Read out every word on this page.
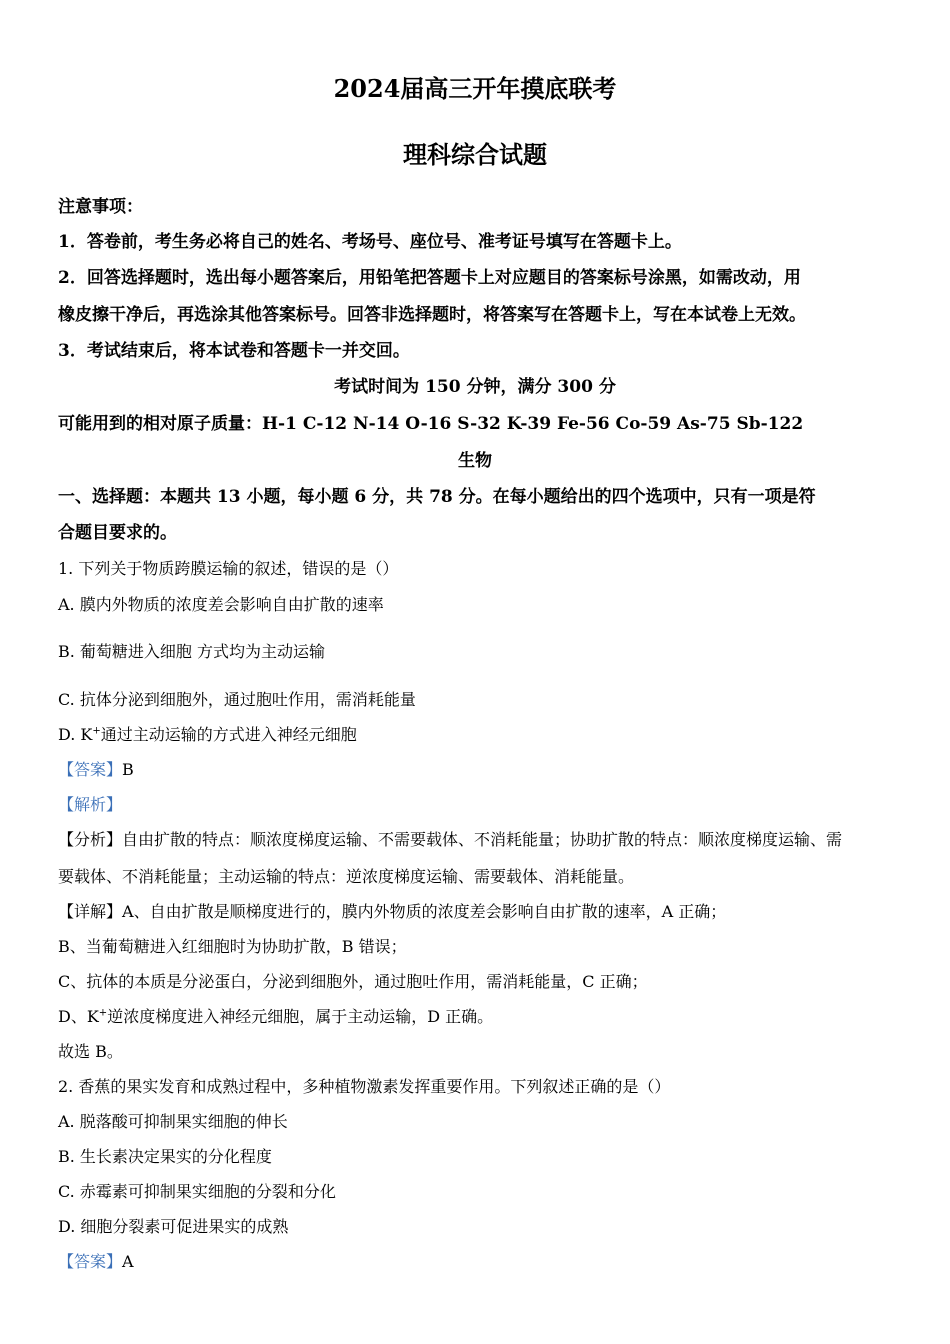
2024届高三开年摸底联考
理科综合试题
注意事项：
1．答卷前，考生务必将自己的姓名、考场号、座位号、准考证号填写在答题卡上。
2．回答选择题时，选出每小题答案后，用铅笔把答题卡上对应题目的答案标号涂黑，如需改动，用
橡皮擦干净后，再选涂其他答案标号。回答非选择题时，将答案写在答题卡上，写在本试卷上无效。
3．考试结束后，将本试卷和答题卡一并交回。
考试时间为 150 分钟，满分 300 分
可能用到的相对原子质量：H-1 C-12 N-14 O-16 S-32 K-39 Fe-56 Co-59 As-75 Sb-122
生物
一、选择题：本题共 13 小题，每小题 6 分，共 78 分。在每小题给出的四个选项中，只有一项是符
合题目要求的。
1. 下列关于物质跨膜运输的叙述，错误的是（）
A. 膜内外物质的浓度差会影响自由扩散的速率
B. 葡萄糖进入细胞 方式均为主动运输
C. 抗体分泌到细胞外，通过胞吐作用，需消耗能量
D. K+通过主动运输的方式进入神经元细胞
【答案】B
【解析】
【分析】自由扩散的特点：顺浓度梯度运输、不需要载体、不消耗能量；协助扩散的特点：顺浓度梯度运输、需
要载体、不消耗能量；主动运输的特点：逆浓度梯度运输、需要载体、消耗能量。
【详解】A、自由扩散是顺梯度进行的，膜内外物质的浓度差会影响自由扩散的速率，A 正确；
B、当葡萄糖进入红细胞时为协助扩散，B 错误；
C、抗体的本质是分泌蛋白，分泌到细胞外，通过胞吐作用，需消耗能量，C 正确；
D、K+逆浓度梯度进入神经元细胞，属于主动运输，D 正确。
故选 B。
2. 香蕉的果实发育和成熟过程中，多种植物激素发挥重要作用。下列叙述正确的是（）
A. 脱落酸可抑制果实细胞的伸长
B. 生长素决定果实的分化程度
C. 赤霉素可抑制果实细胞的分裂和分化
D. 细胞分裂素可促进果实的成熟
【答案】A
